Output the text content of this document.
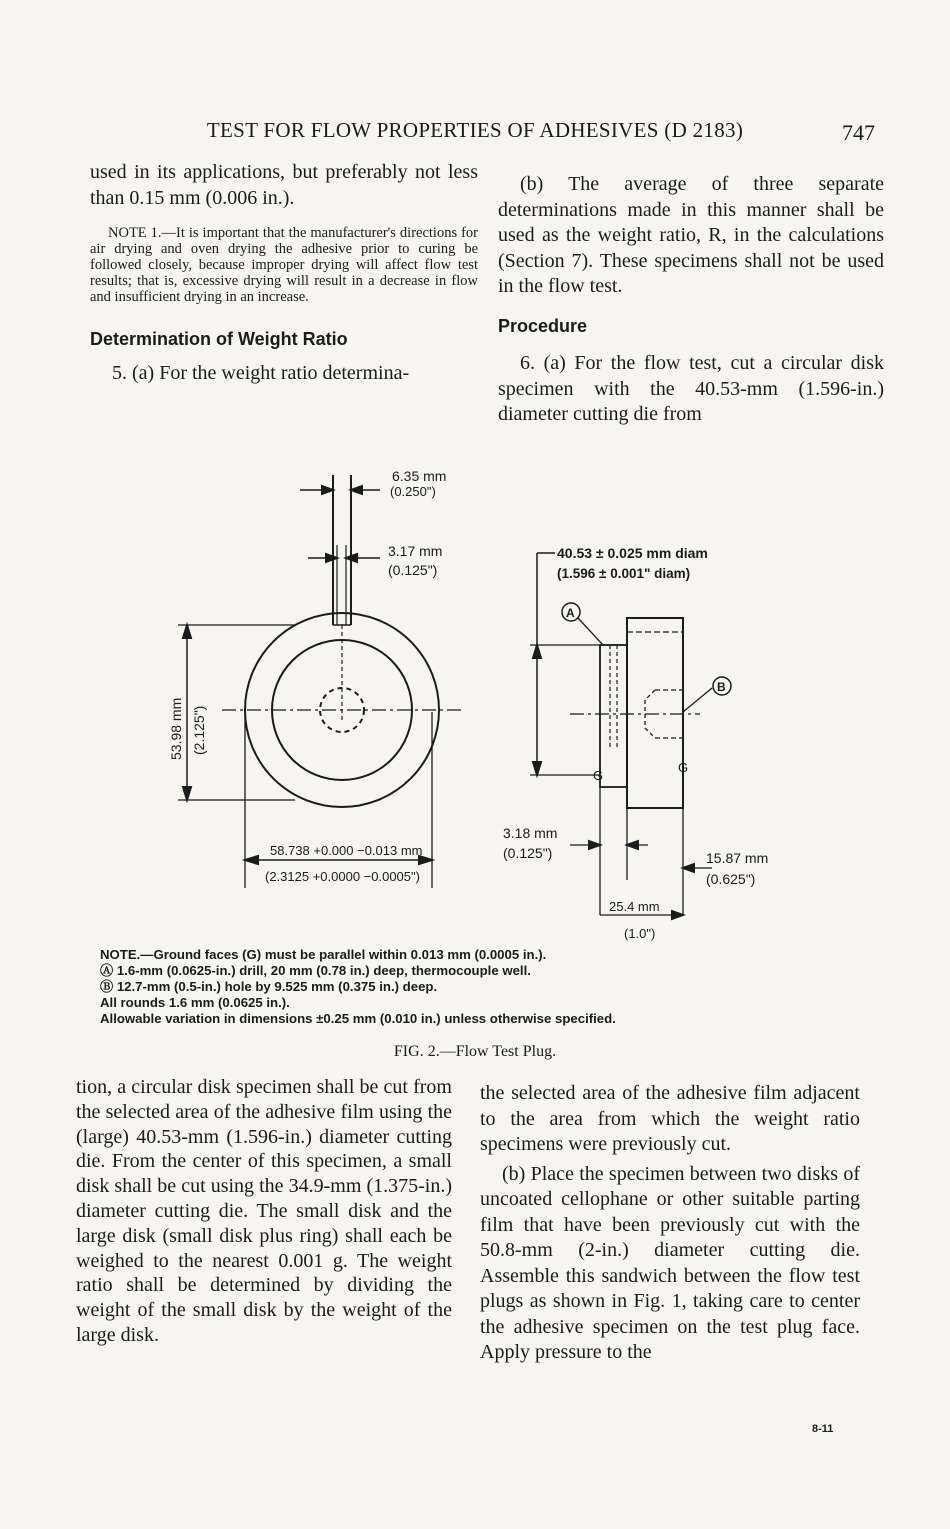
TEST FOR FLOW PROPERTIES OF ADHESIVES (D 2183)	747

used in its applications, but preferably not less than 0.15 mm (0.006 in.).

NOTE 1.—It is important that the manufacturer's directions for air drying and oven drying the adhesive prior to curing be followed closely, because improper drying will affect flow test results; that is, excessive drying will result in a decrease in flow and insufficient drying in an increase.

Determination of Weight Ratio

5. (a) For the weight ratio determina-

(b) The average of three separate determinations made in this manner shall be used as the weight ratio, R, in the calculations (Section 7). These specimens shall not be used in the flow test.

Procedure

6. (a) For the flow test, cut a circular disk specimen with the 40.53-mm (1.596-in.) diameter cutting die from

6.35 mm
(0.250")
3.17 mm
(0.125")
53.98 mm (2.125")
58.738 +0.000 −0.013 mm
(2.3125 +0.0000 −0.0005")
40.53 ± 0.025 mm diam
(1.596 ± 0.001" diam)
A
B
G
G
3.18 mm
(0.125")	15.87 mm
(0.625")
25.4 mm
(1.0")
NOTE.—Ground faces (G) must be parallel within 0.013 mm (0.0005 in.).
Ⓐ 1.6-mm (0.0625-in.) drill, 20 mm (0.78 in.) deep, thermocouple well.
Ⓑ 12.7-mm (0.5-in.) hole by 9.525 mm (0.375 in.) deep.
All rounds 1.6 mm (0.0625 in.).
Allowable variation in dimensions ±0.25 mm (0.010 in.) unless otherwise specified.
FIG. 2.—Flow Test Plug.

tion, a circular disk specimen shall be cut from the selected area of the adhesive film using the (large) 40.53-mm (1.596-in.) diameter cutting die. From the center of this specimen, a small disk shall be cut using the 34.9-mm (1.375-in.) diameter cutting die. The small disk and the large disk (small disk plus ring) shall each be weighed to the nearest 0.001 g. The weight ratio shall be determined by dividing the weight of the small disk by the weight of the large disk.

the selected area of the adhesive film adjacent to the area from which the weight ratio specimens were previously cut.

(b) Place the specimen between two disks of uncoated cellophane or other suitable parting film that have been previously cut with the 50.8-mm (2-in.) diameter cutting die. Assemble this sandwich between the flow test plugs as shown in Fig. 1, taking care to center the adhesive specimen on the test plug face. Apply pressure to the

8-11
